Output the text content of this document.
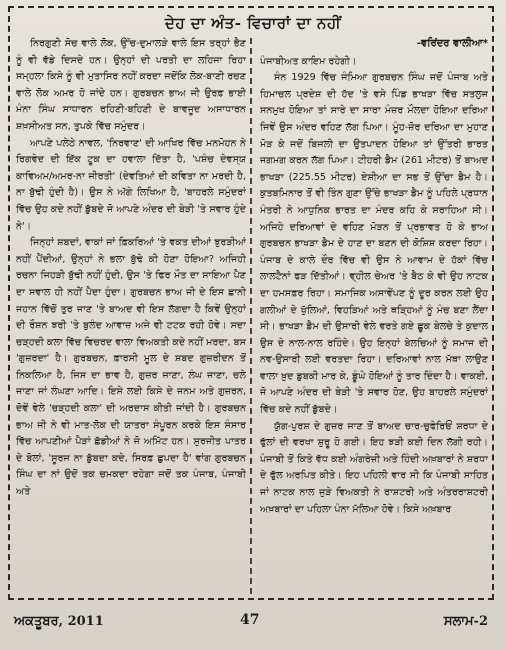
ਦੇਹ ਦਾ ਅੰਤ- ਵਿਚਾਰਾਂ ਦਾ ਨਹੀਂ

ਨਿਰਗੁਣੀ ਸੋਚ ਵਾਲੇ ਲੋਕ, ਉੱਚ-ਦੁਮਾਲੜੇ ਵਾਲੇ ਇਸ ਤਰ੍ਹਾਂ ਭੈਣ ਨੂੰ ਵੀ ਵੱਡੇ ਦਿਸਦੇ ਹਨ। ਉਨ੍ਹਾਂ ਦੀ ਪਰਤੀ ਦਾ ਲਹਿਜਾ ਰਿਹਾ ਸਮ੍ਹਲਾ ਕਿਸੇ ਨੂੰ ਵੀ ਮੁਤਾਸਿਰ ਨਹੀਂ ਕਰਦਾ ਜਦੋਂਕਿ ਲੋਕ-ਬਾਣੀ ਰਚਣ ਵਾਲੇ ਲੋਕ ਅਮਰ ਹੋ ਜਾਂਦੇ ਹਨ। ਗੁਰਬਚਨ ਭਾਅ ਜੀ ਉਰਫ਼ ਭਾਈ ਮੰਨਾ ਸਿੰਘ ਸਾਧਾਰਨ ਰਹਿਣੀ-ਬਹਿਣੀ ਦੇ ਬਾਵਜੂਦ ਅਸਾਧਾਰਨ ਸ਼ਖ਼ਸੀਅਤ ਸਨ, ਤੁਪਕੇ ਵਿੱਚ ਸਮੁੰਦਰ।

ਆਪਣੇ ਪਲੇਠੇ ਨਾਵਲ, 'ਨਿਰਵਾਣ' ਦੀ ਆਖਿਰ ਵਿੱਚ ਮਨਮੋਹਨ ਨੇ ਰਿਗਵੇਦ ਦੀ ਇੱਕ ਟੂਕ ਦਾ ਹਵਾਲਾ ਦਿੱਤਾ ਹੈ, 'ਪਸ਼ੰਚ ਦੇਵਸ੍ਯ ਕਾਵਿਅਮ/ਅਮਰ-ਨਾ ਜੀਰਤੀ' (ਦੇਵਤਿਆਂ ਦੀ ਕਵਿਤਾ ਨਾ ਮਰਦੀ ਹੈ, ਨਾ ਬੁੱਢੀ ਹੁੰਦੀ ਹੈ)। ਉਸ ਨੇ ਅੱਗੇ ਲਿਖਿਆ ਹੈ, 'ਬਾਹਰਲੇ ਸਮੁੰਦਰਾਂ ਵਿੱਚ ਉਹ ਕਦੇ ਨਹੀਂ ਡੁੱਬਦੇ ਜੋ ਆਪਣੇ ਅੰਦਰ ਦੀ ਬੇੜੀ 'ਤੇ ਸਵਾਰ ਹੁੰਦੇ ਨੇ'।

ਜਿਨ੍ਹਾਂ ਸ਼ਬਦਾਂ, ਵਾਕਾਂ ਜਾਂ ਫ਼ਿਕਰਿਆਂ 'ਤੇ ਵਕਤ ਦੀਆਂ ਝੁਰੜੀਆਂ ਨਹੀਂ ਪੈਂਦੀਆਂ, ਉਨ੍ਹਾਂ ਨੇ ਭਲਾ ਬੁੱਢੇ ਕੀ ਹੋਣਾ ਹੋਇਆ? ਅਜਿਹੀ ਰਚਨਾ ਜਿਹੜੀ ਬੁੱਢੀ ਨਹੀਂ ਹੁੰਦੀ, ਉਸ 'ਤੇ ਫਿਰ ਮੌਤ ਦਾ ਸਾਇਆ ਪੈਣ ਦਾ ਸਵਾਲ ਹੀ ਨਹੀਂ ਪੈਦਾ ਹੁੰਦਾ। ਗੁਰਬਚਨ ਭਾਅ ਜੀ ਦੇ ਇਸ ਛਾਨੀ ਜਹਾਨ ਵਿੱਚੋਂ ਤੁਰ ਜਾਣ 'ਤੇ ਬਾਅਦ ਵੀ ਇਸ ਲੱਗਦਾ ਹੈ ਕਿਵੇਂ ਉਨ੍ਹਾਂ ਦੀ ਰੌਸ਼ਨ ਝਰੀ 'ਤੇ ਬੁਲੰਦ ਆਵਾਜ਼ ਅਜੇ ਵੀ ਟਟਕ ਰਹੀ ਹੋਵੇ। ਸਦਾ ਚੜ੍ਹਦੀ ਕਲਾ ਵਿੱਚ ਵਿਚਰਦ ਵਾਲਾ ਵਿਅਕਤੀ ਕਦੇ ਨਹੀਂ ਮਰਦਾ, ਬਸ 'ਗੁਜ਼ਰਦਾ' ਹੈ। ਗੁਰਬਚਨ, ਫ਼ਾਰਸੀ ਮੂਲ ਦੇ ਸ਼ਬਦ ਗੁਜ਼ਰੀਦਨ ਤੋਂ ਨਿਕਲਿਆ ਹੈ, ਜਿਸ ਦਾ ਭਾਵ ਹੈ, ਗੁਜ਼ਰ ਜਾਣਾ, ਲੰਘ ਜਾਣਾ, ਚਲੇ ਜਾਣਾ ਜਾਂ ਲੰਘਣਾ ਆਦਿ। ਇਸੇ ਲਈ ਕਿਸੇ ਦੇ ਜਨਮ ਅਤੇ ਗੁਜ਼ਰਨ, ਦੋਵੇਂ ਵੇਲੇ 'ਚੜ੍ਹਦੀ ਕਲਾ' ਦੀ ਅਰਦਾਸ ਕੀਤੀ ਜਾਂਦੀ ਹੈ। ਗੁਰਬਚਨ ਭਾਅ ਜੀ ਨੇ ਵੀ ਮਾਤ-ਲੋਕ ਦੀ ਯਾਤਰਾ ਸੰਪੂਰਨ ਕਰਕੇ ਇਸ ਸੰਸਾਰ ਵਿੱਚ ਆਪਣੀਆਂ ਪੈੜਾਂ ਛੱਡੀਆਂ ਨੇ ਜੋ ਅਮਿੱਟ ਹਨ। ਸੁਰਜੀਤ ਪਾਤਰ ਦੇ ਬੋਲਾਂ, 'ਸੂਰਜ ਨਾ ਡੁੱਬਦਾ ਕਦੇ, ਸਿਰਫ਼ ਛੁਪਦਾ ਹੈ' ਵਾਂਗ ਗੁਰਬਚਨ ਸਿੰਘ ਦਾ ਨਾਂ ਉਦੋਂ ਤਕ ਚਮਕਦਾ ਰਹੇਗਾ ਜਦੋਂ ਤਕ ਪੰਜਾਬ, ਪੰਜਾਬੀ ਅਤੇ

-ਵਰਿਂਦਰ ਵਾਲੀਆ*

ਪੰਜਾਬੀਅਤ ਕਾਇਮ ਰਹੇਗੀ।

ਸੰਨ 1929 ਵਿੱਚ ਜੰਮਿਆ ਗੁਰਬਚਨ ਸਿੰਘ ਜਦੋਂ ਪੰਜਾਬ ਅਤੇ ਹਿਮਾਚਲ ਪ੍ਰਦੇਸ਼ ਦੀ ਹੱਦ 'ਤੇ ਵਸੇ ਪਿੰਡ ਭਾਖੜਾ ਵਿੱਚ ਸਤਲੁਜ ਸਨਮੁਖ ਹੋਇਆ ਤਾਂ ਸਾਰੇ ਦਾ ਸਾਰਾ ਮੰਜ਼ਰ ਮੌਲਦਾ ਹੋਇਆ ਦਰਿਆ ਜਿਵੇਂ ਉਸ ਅੰਦਰ ਵਹਿਣ ਲੱਗ ਪਿਆ। ਮੂੰਹ-ਜ਼ੋਰ ਦਰਿਆ ਦਾ ਮੁਹਾਣ ਮੋੜ ਕੇ ਜਦੋਂ ਬਿਜਲੀ ਦਾ ਉਤਪਾਦਨ ਹੋਇਆ ਤਾਂ ਉੱਤਰੀ ਭਾਰਤ ਜਗਮਗ ਕਰਨ ਲੱਗ ਪਿਆ। ਟੀਹਰੀ ਡੈਮ (261 ਮੀਟਰ) ਤੋਂ ਬਾਅਦ ਭਾਖੜਾ (225.55 ਮੀਟਰ) ਏਸ਼ੀਆ ਦਾ ਸਭ ਤੋਂ ਉੱਚਾ ਡੈਮ ਹੈ। ਕੁਤਬਮਿਨਾਰ ਤੋਂ ਵੀ ਤਿੰਨ ਗੁਣਾ ਉੱਚੇ ਭਾਖੜਾ ਡੈਮ ਨੂੰ ਪਹਿਲੇ ਪ੍ਰਧਾਨ ਮੰਤਰੀ ਨੇ ਆਧੁਨਿਕ ਭਾਰਤ ਦਾ ਮੰਦਰ ਕਹਿ ਕੇ ਸਰਾਹਿਆ ਸੀ। ਅਜਿਹੇ ਦਰਿਆਵਾਂ ਦੇ ਵਹਿਣ ਮੋੜਨ ਤੋਂ ਪ੍ਰਭਾਵਤ ਹੋ ਕੇ ਭਾਅ ਗੁਰਬਚਨ ਭਾਖੜਾ ਡੈਮ ਦੇ ਹਾਣ ਦਾ ਬਣਨ ਦੀ ਕੋਸ਼ਿਸ਼ ਕਰਦਾ ਰਿਹਾ। ਪੰਜਾਬ ਦੇ ਕਾਲੇ ਦੌਰ ਵਿੱਚ ਵੀ ਉਸ ਨੇ ਆਵਾਮ ਦੇ ਹੱਕਾਂ ਵਿੱਚ ਲਾਲਟੈਨਾਂ ਫੜ ਦਿੱਤੀਆਂ। ਵ੍ਹੀਲ ਚੇਅਰ 'ਤੇ ਬੈਠ ਕੇ ਵੀ ਉਹ ਨਾਟਕ ਦਾ ਹਮਸਫ਼ਰ ਰਿਹਾ। ਸਮਾਜਿਕ ਅਸਾਵੇਂਪਣ ਨੂੰ ਦੂਰ ਕਰਨ ਲਈ ਉਹ ਗਲੀਆਂ ਦੇ ਖੁੱਲਿਆਂ, ਵਿਹੜਿਆਂ ਅਤੇ ਥੜ੍ਹਿਆਂ ਨੂੰ ਮੰਚ ਬਣਾ ਲੈਂਦਾ ਸੀ। ਭਾਖੜਾ ਡੈਮ ਦੀ ਉਸਾਰੀ ਵੇਲੇ ਵਰਤੇ ਗਏ ਛੂਕ ਬੇਲਚੇ ਤੇ ਕੁਦਾਲ ਉਸ ਦੇ ਨਾਲ-ਨਾਲ ਰਹਿੰਦੇ। ਉਹ ਇਨ੍ਹਾਂ ਬੇਲਚਿਆਂ ਨੂੰ ਸਮਾਜ ਦੀ ਨਵ-ਉਸਾਰੀ ਲਈ ਵਰਤਦਾ ਰਿਹਾ। ਦਰਿਆਵਾਂ ਨਾਲ ਮੱਥਾ ਲਾਉਣ ਵਾਲਾ ਖ਼ੁਦ ਡੁਬਕੀ ਮਾਰ ਕੇ, ਡੂੰਘੇ ਹੋਇਆਂ ਨੂੰ ਤਾਰ ਦਿੰਦਾ ਹੈ। ਵਾਕਈ, ਜੋ ਆਪਣੇ ਅੰਦਰ ਦੀ ਬੇੜੀ 'ਤੇ ਸਵਾਰ ਹੋਣ, ਉਹ ਬਾਹਰਲੇ ਸਮੁੰਦਰਾਂ ਵਿੱਚ ਕਦੇ ਨਹੀਂ ਡੁੱਬਦੇ।

ਯੁੱਗ-ਪੁਰਸ਼ ਦੇ ਗੁਜ਼ਰ ਜਾਣ ਤੋਂ ਬਾਅਦ ਚਾਰ-ਚੁਫੇਰਿਓਂ ਸ਼ਰਧਾ ਦੇ ਫੁੱਲਾਂ ਦੀ ਵਰਖਾ ਸ਼ੁਰੂ ਹੋ ਗਈ। ਇਹ ਝੜੀ ਕਈ ਦਿਨ ਲੱਗੀ ਰਹੀ। ਪੰਜਾਬੀ ਤੋਂ ਕਿਤੇ ਵੱਧ ਕਈ ਅੰਗਰੇਜ਼ੀ ਅਤੇ ਹਿੰਦੀ ਅਖ਼ਬਾਰਾਂ ਨੇ ਸ਼ਰਧਾ ਦੇ ਫੁੱਲ ਅਰਪਿਤ ਕੀਤੇ। ਇਹ ਪਹਿਲੀ ਵਾਰ ਸੀ ਕਿ ਪੰਜਾਬੀ ਸਾਹਿਤ ਜਾਂ ਨਾਟਕ ਨਾਲ ਜੁੜੇ ਵਿਅਕਤੀ ਨੇ ਰਾਸ਼ਟਰੀ ਅਤੇ ਅੰਤਰਰਾਸ਼ਟਰੀ ਅਖ਼ਬਾਰਾਂ ਦਾ ਪਹਿਲਾ ਪੰਨਾ ਮੱਲਿਆ ਹੋਵੇ। ਕਿਸੇ ਅਖ਼ਬਾਰ

ਅਕਤੂਬਰ, 2011	47	ਸਲਾਮ-2
